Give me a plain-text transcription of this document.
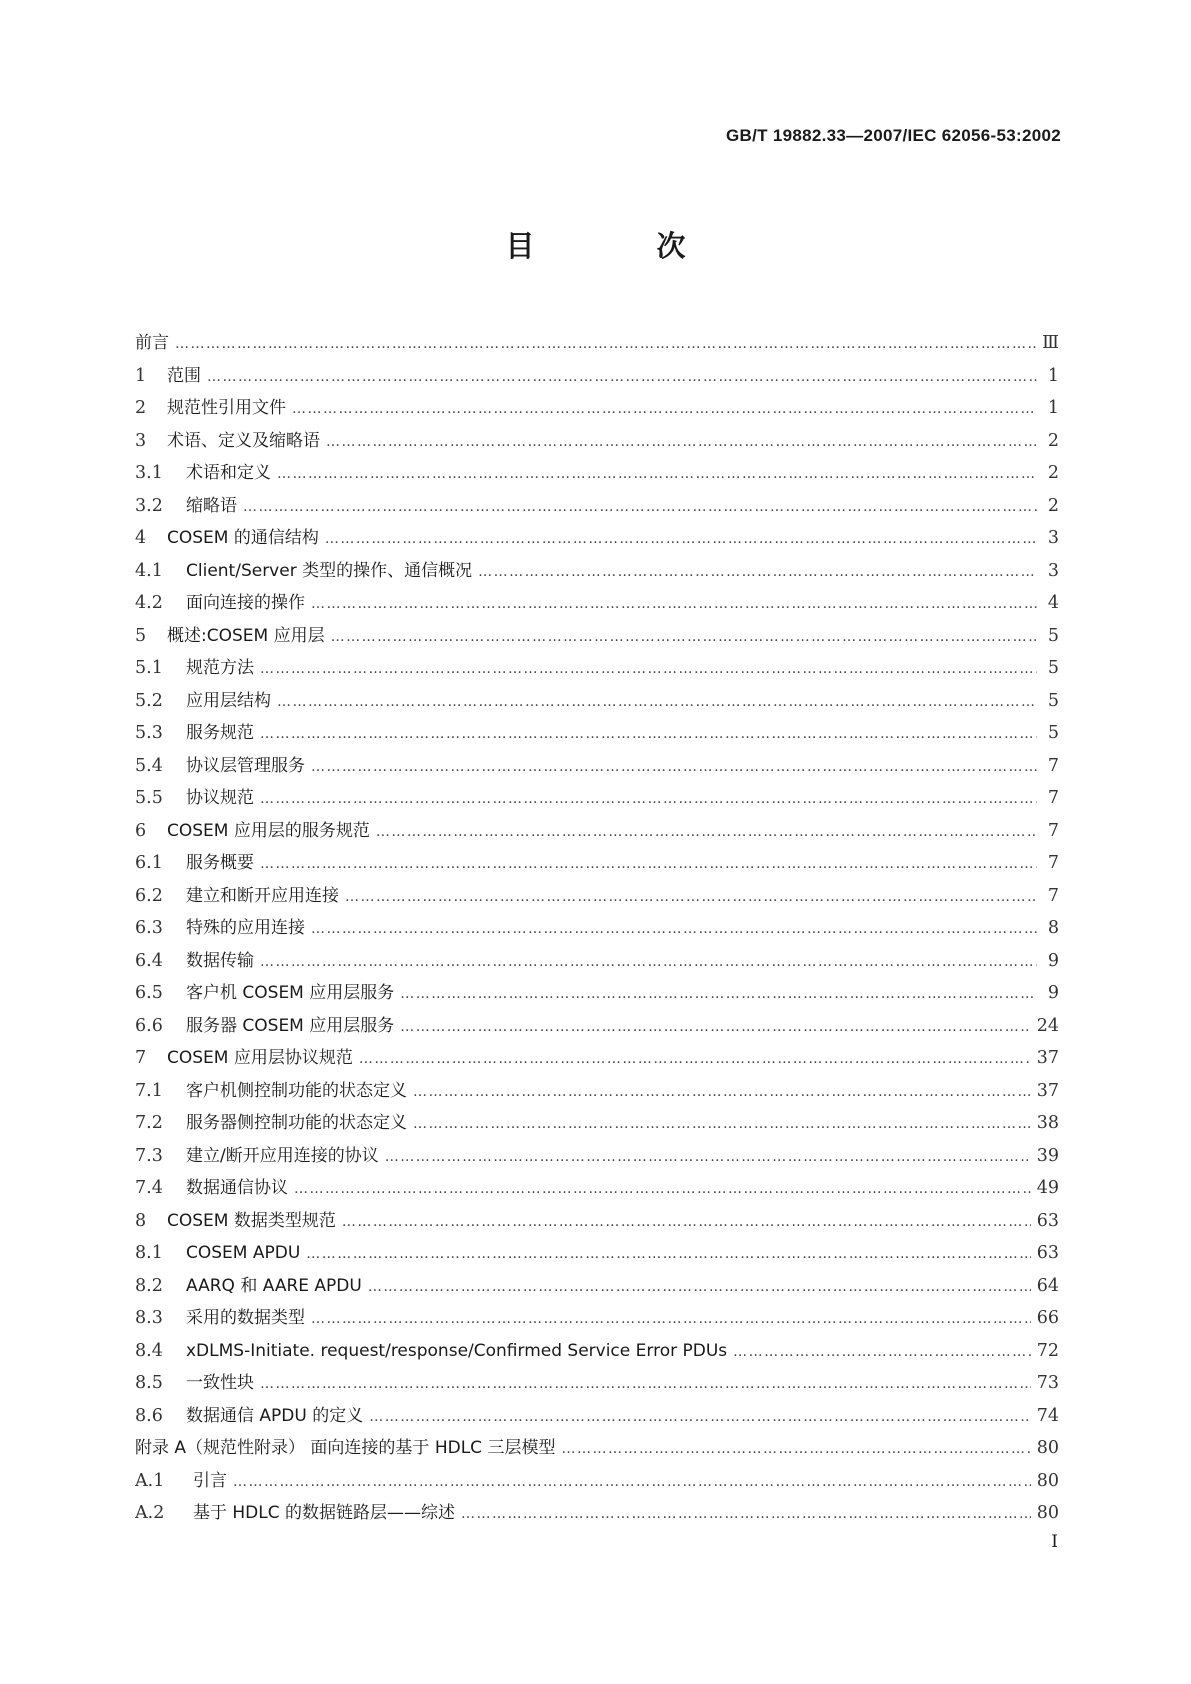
GB/T 19882.33—2007/IEC 62056-53:2002
目 次
前言 ……………………………………………………………………………………………………………………………………………………………………………………………………	Ⅲ
1	范围 ……………………………………………………………………………………………………………………………………………………………………………………………………	1
2	规范性引用文件 ……………………………………………………………………………………………………………………………………………………………………………………………………	1
3	术语、定义及缩略语 ……………………………………………………………………………………………………………………………………………………………………………………………………	2
3.1	术语和定义 ……………………………………………………………………………………………………………………………………………………………………………………………………	2
3.2	缩略语 ……………………………………………………………………………………………………………………………………………………………………………………………………	2
4	COSEM 的通信结构 ……………………………………………………………………………………………………………………………………………………………………………………………………	3
4.1	Client/Server 类型的操作、通信概况 ……………………………………………………………………………………………………………………………………………………………………………………………………	3
4.2	面向连接的操作 ……………………………………………………………………………………………………………………………………………………………………………………………………	4
5	概述:COSEM 应用层 ……………………………………………………………………………………………………………………………………………………………………………………………………	5
5.1	规范方法 ……………………………………………………………………………………………………………………………………………………………………………………………………	5
5.2	应用层结构 ……………………………………………………………………………………………………………………………………………………………………………………………………	5
5.3	服务规范 ……………………………………………………………………………………………………………………………………………………………………………………………………	5
5.4	协议层管理服务 ……………………………………………………………………………………………………………………………………………………………………………………………………	7
5.5	协议规范 ……………………………………………………………………………………………………………………………………………………………………………………………………	7
6	COSEM 应用层的服务规范 ……………………………………………………………………………………………………………………………………………………………………………………………………	7
6.1	服务概要 ……………………………………………………………………………………………………………………………………………………………………………………………………	7
6.2	建立和断开应用连接 ……………………………………………………………………………………………………………………………………………………………………………………………………	7
6.3	特殊的应用连接 ……………………………………………………………………………………………………………………………………………………………………………………………………	8
6.4	数据传输 ……………………………………………………………………………………………………………………………………………………………………………………………………	9
6.5	客户机 COSEM 应用层服务 ……………………………………………………………………………………………………………………………………………………………………………………………………	9
6.6	服务器 COSEM 应用层服务 ……………………………………………………………………………………………………………………………………………………………………………………………………	24
7	COSEM 应用层协议规范 ……………………………………………………………………………………………………………………………………………………………………………………………………	37
7.1	客户机侧控制功能的状态定义 ……………………………………………………………………………………………………………………………………………………………………………………………………	37
7.2	服务器侧控制功能的状态定义 ……………………………………………………………………………………………………………………………………………………………………………………………………	38
7.3	建立/断开应用连接的协议 ……………………………………………………………………………………………………………………………………………………………………………………………………	39
7.4	数据通信协议 ……………………………………………………………………………………………………………………………………………………………………………………………………	49
8	COSEM 数据类型规范 ……………………………………………………………………………………………………………………………………………………………………………………………………	63
8.1	COSEM APDU ……………………………………………………………………………………………………………………………………………………………………………………………………	63
8.2	AARQ 和 AARE APDU ……………………………………………………………………………………………………………………………………………………………………………………………………	64
8.3	采用的数据类型 ……………………………………………………………………………………………………………………………………………………………………………………………………	66
8.4	xDLMS-Initiate. request/response/Confirmed Service Error PDUs ……………………………………………………………………………………………………………………………………………………………………………………………………	72
8.5	一致性块 ……………………………………………………………………………………………………………………………………………………………………………………………………	73
8.6	数据通信 APDU 的定义 ……………………………………………………………………………………………………………………………………………………………………………………………………	74
附录 A（规范性附录） 面向连接的基于 HDLC 三层模型 ……………………………………………………………………………………………………………………………………………………………………………………………………	80
A.1	引言 ……………………………………………………………………………………………………………………………………………………………………………………………………	80
A.2	基于 HDLC 的数据链路层——综述 ……………………………………………………………………………………………………………………………………………………………………………………………………	80
I
